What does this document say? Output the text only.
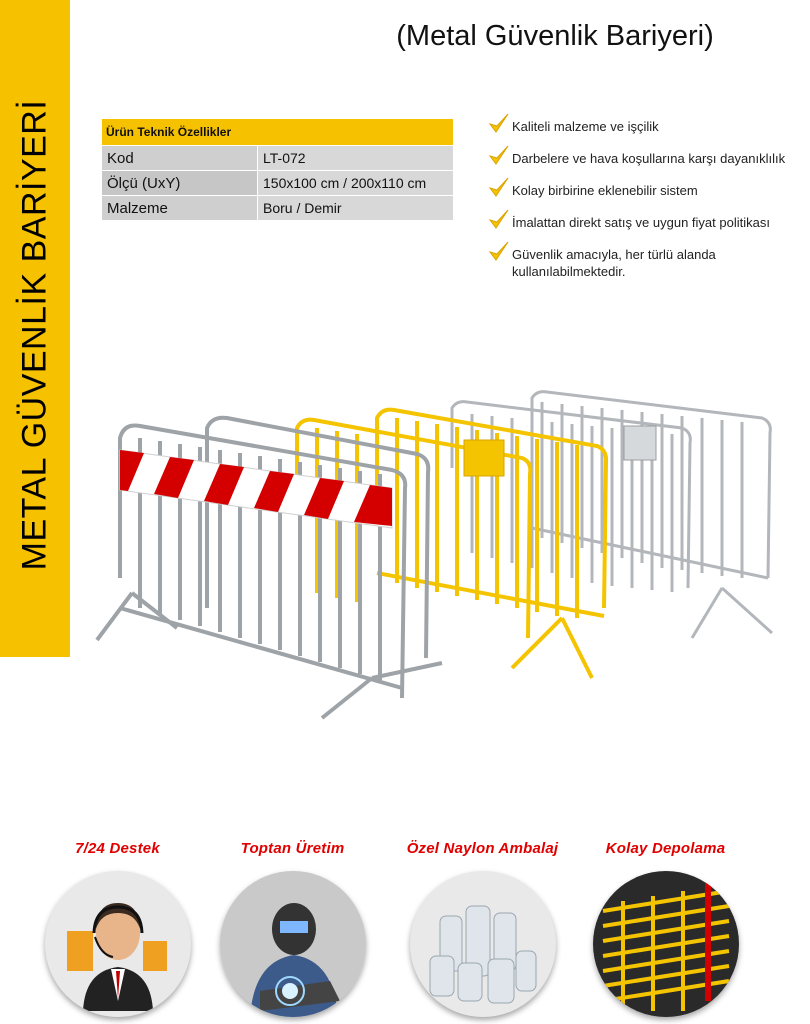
METAL GÜVENLİK BARİYERİ
(Metal Güvenlik Bariyeri)
Ürün Teknik Özellikler	
Kod	LT-072
Ölçü (UxY)	150x100 cm / 200x110 cm
Malzeme	Boru / Demir
Kaliteli malzeme ve işçilik
Darbelere ve hava koşullarına karşı dayanıklılık
Kolay birbirine eklenebilir sistem
İmalattan direkt satış ve uygun fiyat politikası
Güvenlik amacıyla, her türlü alanda kullanılabilmektedir.
7/24 Destek	Toptan Üretim	Özel Naylon Ambalaj	Kolay Depolama
